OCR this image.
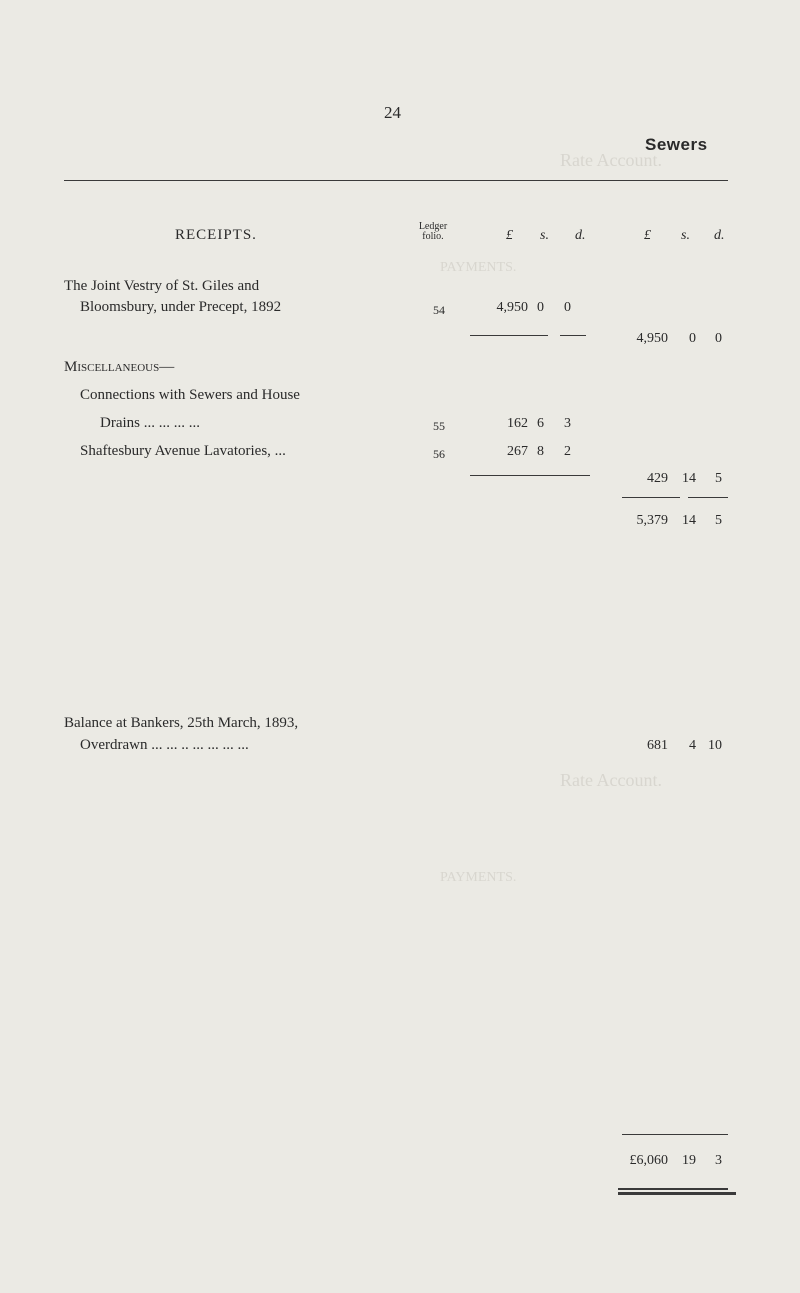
Rate Account.
PAYMENTS.
Rate Account.
PAYMENTS.
24
Sewers
RECEIPTS.
Ledger folio.	£ s. d.	£ s. d.
The Joint Vestry of St. Giles and
Bloomsbury, under Precept, 1892	54	4,950 0	0
4,950	0	0
Miscellaneous—
Connections with Sewers and House
Drains ... ... ... ...	55	162 6	3
Shaftesbury Avenue Lavatories, ...	56	267 8	2
429	14	5
5,379	14	5
Balance at Bankers, 25th March, 1893,
Overdrawn ... ... .. ... ... ... ...	681	4 10
£6,060	19	3
